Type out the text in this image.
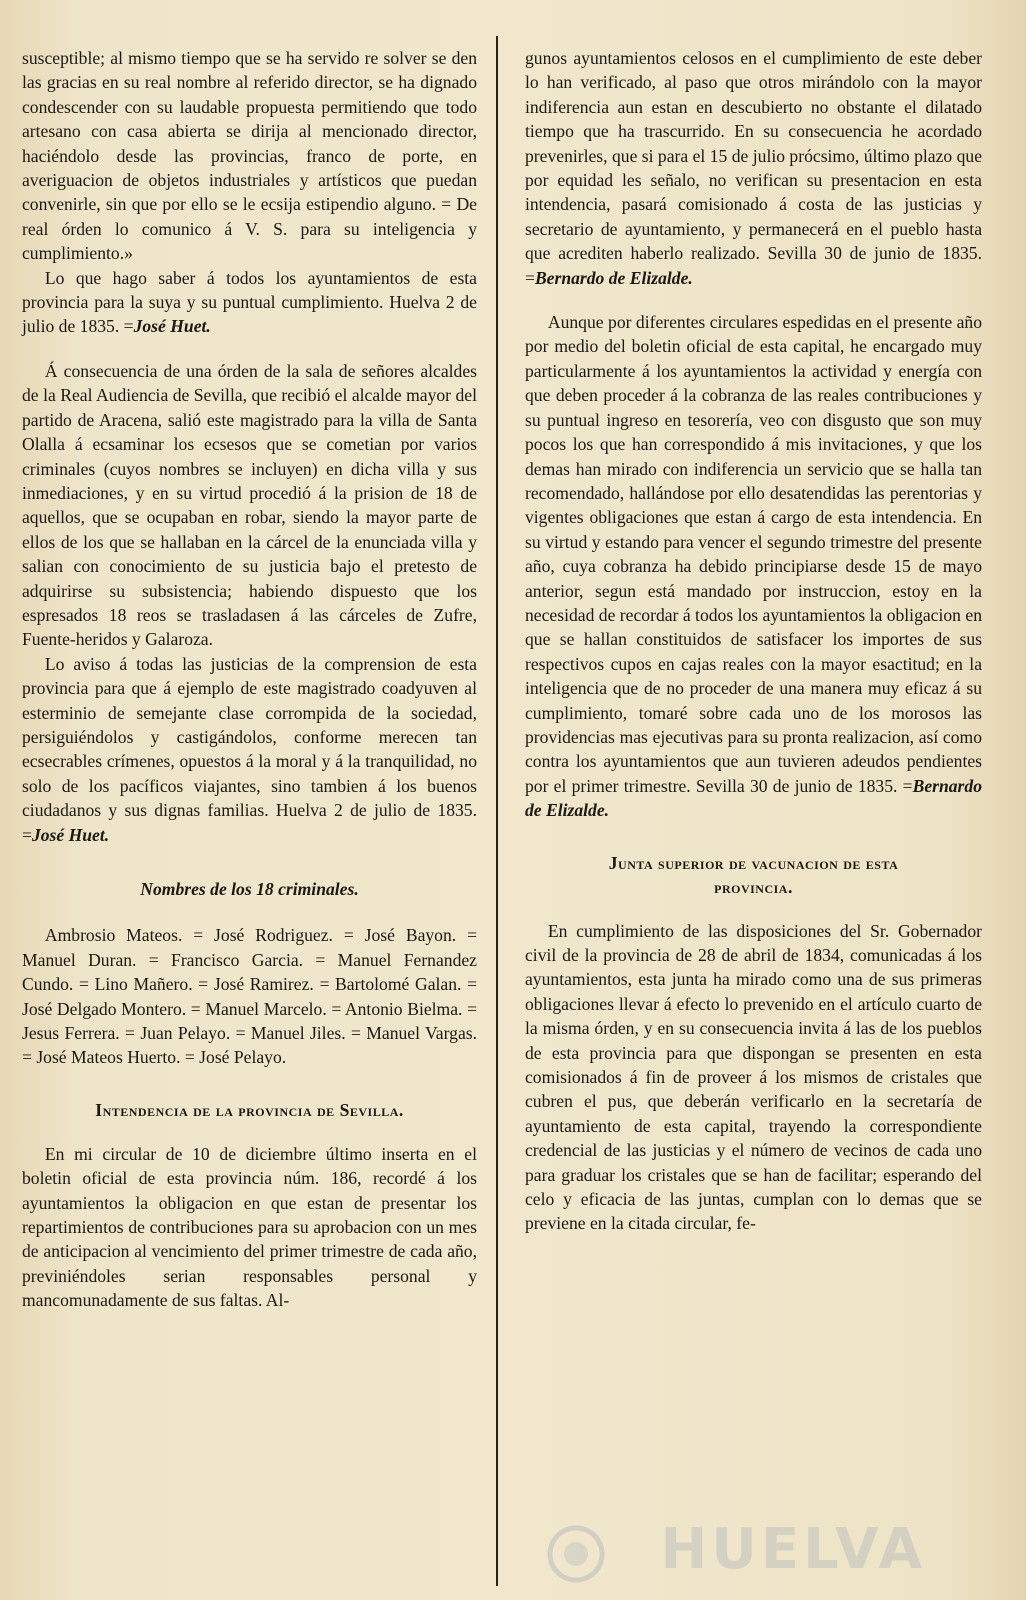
susceptible; al mismo tiempo que se ha servido re solver se den las gracias en su real nombre al referido director, se ha dignado condescender con su laudable propuesta permitiendo que todo artesano con casa abierta se dirija al mencionado director, haciéndolo desde las provincias, franco de porte, en averiguacion de objetos industriales y artísticos que puedan convenirle, sin que por ello se le ecsija estipendio alguno. = De real órden lo comunico á V. S. para su inteligencia y cumplimiento.»

Lo que hago saber á todos los ayuntamientos de esta provincia para la suya y su puntual cumplimiento. Huelva 2 de julio de 1835. =José Huet.

Á consecuencia de una órden de la sala de señores alcaldes de la Real Audiencia de Sevilla, que recibió el alcalde mayor del partido de Aracena, salió este magistrado para la villa de Santa Olalla á ecsaminar los ecsesos que se cometian por varios criminales (cuyos nombres se incluyen) en dicha villa y sus inmediaciones, y en su virtud procedió á la prision de 18 de aquellos, que se ocupaban en robar, siendo la mayor parte de ellos de los que se hallaban en la cárcel de la enunciada villa y salian con conocimiento de su justicia bajo el pretesto de adquirirse su subsistencia; habiendo dispuesto que los espresados 18 reos se trasladasen á las cárceles de Zufre, Fuente-heridos y Galaroza.

Lo aviso á todas las justicias de la comprension de esta provincia para que á ejemplo de este magistrado coadyuven al esterminio de semejante clase corrompida de la sociedad, persiguiéndolos y castigándolos, conforme merecen tan ecsecrables crímenes, opuestos á la moral y á la tranquilidad, no solo de los pacíficos viajantes, sino tambien á los buenos ciudadanos y sus dignas familias. Huelva 2 de julio de 1835. =José Huet.

Nombres de los 18 criminales.

Ambrosio Mateos. = José Rodriguez. = José Bayon. = Manuel Duran. = Francisco Garcia. = Manuel Fernandez Cundo. = Lino Mañero. = José Ramirez. = Bartolomé Galan. = José Delgado Montero. = Manuel Marcelo. = Antonio Bielma. = Jesus Ferrera. = Juan Pelayo. = Manuel Jiles. = Manuel Vargas. = José Mateos Huerto. = José Pelayo.

Intendencia de la provincia de Sevilla.

En mi circular de 10 de diciembre último inserta en el boletin oficial de esta provincia núm. 186, recordé á los ayuntamientos la obligacion en que estan de presentar los repartimientos de contribuciones para su aprobacion con un mes de anticipacion al vencimiento del primer trimestre de cada año, previniéndoles serian responsables personal y mancomunadamente de sus faltas. Al-

gunos ayuntamientos celosos en el cumplimiento de este deber lo han verificado, al paso que otros mirándolo con la mayor indiferencia aun estan en descubierto no obstante el dilatado tiempo que ha trascurrido. En su consecuencia he acordado prevenirles, que si para el 15 de julio prócsimo, último plazo que por equidad les señalo, no verifican su presentacion en esta intendencia, pasará comisionado á costa de las justicias y secretario de ayuntamiento, y permanecerá en el pueblo hasta que acrediten haberlo realizado. Sevilla 30 de junio de 1835. =Bernardo de Elizalde.

Aunque por diferentes circulares espedidas en el presente año por medio del boletin oficial de esta capital, he encargado muy particularmente á los ayuntamientos la actividad y energía con que deben proceder á la cobranza de las reales contribuciones y su puntual ingreso en tesorería, veo con disgusto que son muy pocos los que han correspondido á mis invitaciones, y que los demas han mirado con indiferencia un servicio que se halla tan recomendado, hallándose por ello desatendidas las perentorias y vigentes obligaciones que estan á cargo de esta intendencia. En su virtud y estando para vencer el segundo trimestre del presente año, cuya cobranza ha debido principiarse desde 15 de mayo anterior, segun está mandado por instruccion, estoy en la necesidad de recordar á todos los ayuntamientos la obligacion en que se hallan constituidos de satisfacer los importes de sus respectivos cupos en cajas reales con la mayor esactitud; en la inteligencia que de no proceder de una manera muy eficaz á su cumplimiento, tomaré sobre cada uno de los morosos las providencias mas ejecutivas para su pronta realizacion, así como contra los ayuntamientos que aun tuvieren adeudos pendientes por el primer trimestre. Sevilla 30 de junio de 1835. =Bernardo de Elizalde.

Junta superior de vacunacion de esta
provincia.

En cumplimiento de las disposiciones del Sr. Gobernador civil de la provincia de 28 de abril de 1834, comunicadas á los ayuntamientos, esta junta ha mirado como una de sus primeras obligaciones llevar á efecto lo prevenido en el artículo cuarto de la misma órden, y en su consecuencia invita á las de los pueblos de esta provincia para que dispongan se presenten en esta comisionados á fin de proveer á los mismos de cristales que cubren el pus, que deberán verificarlo en la secretaría de ayuntamiento de esta capital, trayendo la correspondiente credencial de las justicias y el número de vecinos de cada uno para graduar los cristales que se han de facilitar; esperando del celo y eficacia de las juntas, cumplan con lo demas que se previene en la citada circular, fe-

HUELVA
